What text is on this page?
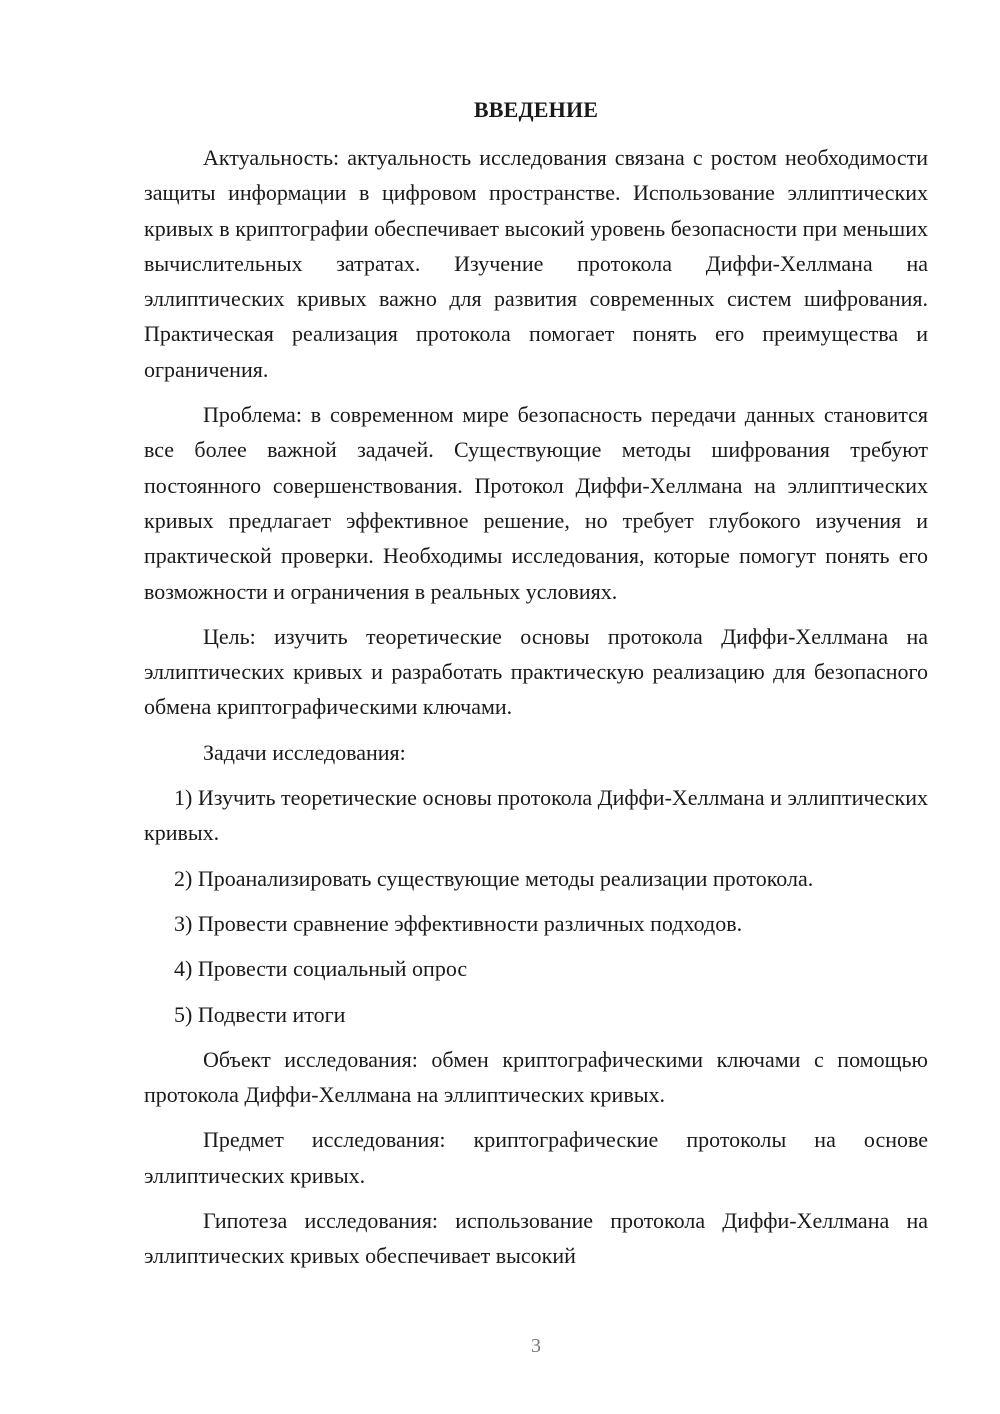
ВВЕДЕНИЕ

Актуальность: актуальность исследования связана с ростом необходимости защиты информации в цифровом пространстве. Использование эллиптических кривых в криптографии обеспечивает высокий уровень безопасности при меньших вычислительных затратах. Изучение протокола Диффи-Хеллмана на эллиптических кривых важно для развития современных систем шифрования. Практическая реализация протокола помогает понять его преимущества и ограничения.

Проблема: в современном мире безопасность передачи данных становится все более важной задачей. Существующие методы шифрования требуют постоянного совершенствования. Протокол Диффи-Хеллмана на эллиптических кривых предлагает эффективное решение, но требует глубокого изучения и практической проверки. Необходимы исследования, которые помогут понять его возможности и ограничения в реальных условиях.

Цель: изучить теоретические основы протокола Диффи-Хеллмана на эллиптических кривых и разработать практическую реализацию для безопасного обмена криптографическими ключами.

Задачи исследования:

1) Изучить теоретические основы протокола Диффи-Хеллмана и эллиптических кривых.

2) Проанализировать существующие методы реализации протокола.

3) Провести сравнение эффективности различных подходов.

4) Провести социальный опрос

5) Подвести итоги

Объект исследования: обмен криптографическими ключами с помощью протокола Диффи-Хеллмана на эллиптических кривых.

Предмет исследования: криптографические протоколы на основе эллиптических кривых.

Гипотеза исследования: использование протокола Диффи-Хеллмана на эллиптических кривых обеспечивает высокий

3
